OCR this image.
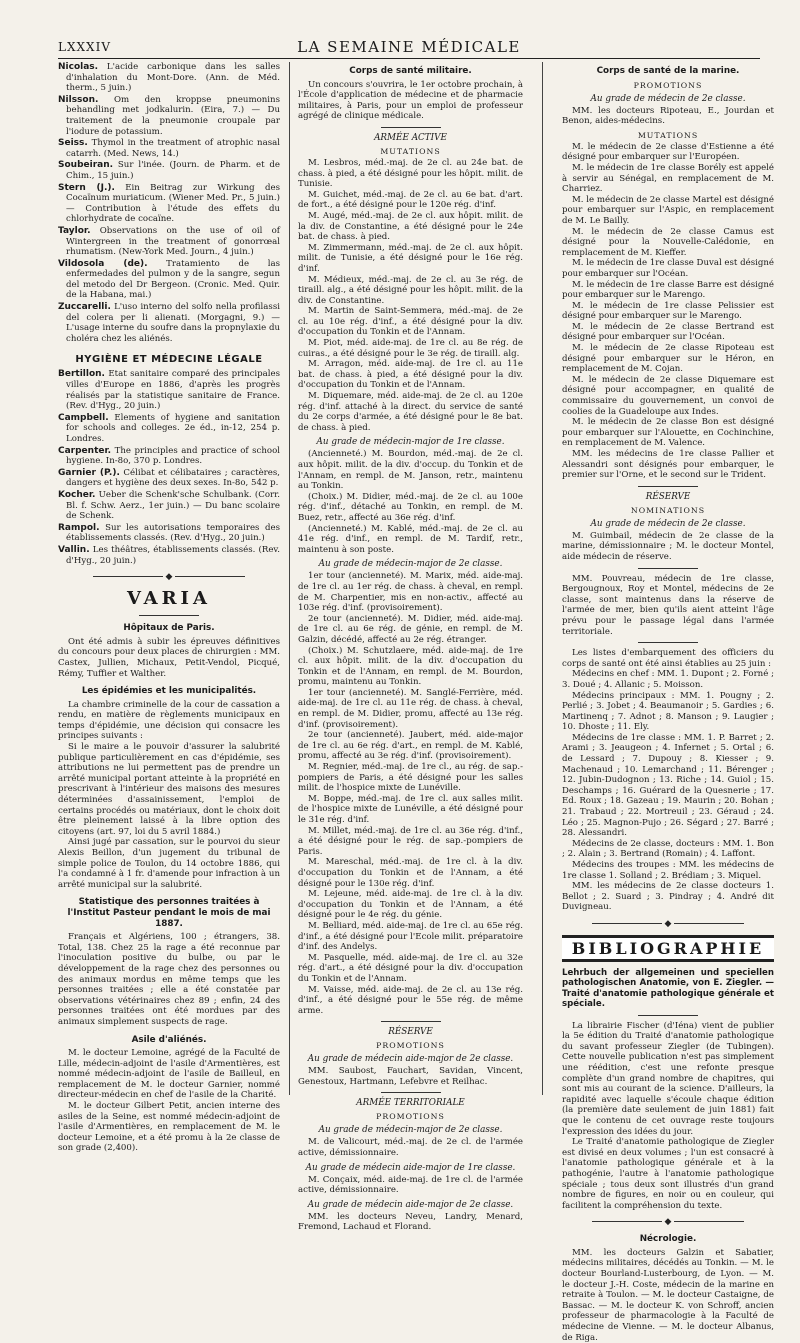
LXXXIV	LA SEMAINE MÉDICALE

Nicolas. L'acide carbonique dans les salles d'inhalation du Mont-Dore. (Ann. de Méd. therm., 5 juin.)

Nilsson. Om den kroppse pneumonins behandling met jodkalurin. (Eira, 7.) — Du traitement de la pneumonie croupale par l'iodure de potassium.

Seiss. Thymol in the treatment of atrophic nasal catarrh. (Med. News, 14.)

Soubeiran. Sur l'inée. (Journ. de Pharm. et de Chim., 15 juin.)

Stern (J.). Ein Beitrag zur Wirkung des Cocaïnum muriaticum. (Wiener Med. Pr., 5 juin.) — Contribution à l'étude des effets du chlorhydrate de cocaïne.

Taylor. Observations on the use of oil of Wintergreen in the treatment of gonorrœal rhumatism. (New-York Med. Journ., 4 juin.)

Vildosola (de). Tratamiento de las enfermedades del pulmon y de la sangre, segun del metodo del Dr Bergeon. (Cronic. Med. Quir. de la Habana, mai.)

Zuccarelli. L'uso interno del solfo nella profilassi del colera per li alienati. (Morgagni, 9.) — L'usage interne du soufre dans la propnylaxie du choléra chez les aliénés.

HYGIÈNE ET MÉDECINE LÉGALE

Bertillon. Etat sanitaire comparé des principales villes d'Europe en 1886, d'après les progrès réalisés par la statistique sanitaire de France. (Rev. d'Hyg., 20 juin.)

Campbell. Elements of hygiene and sanitation for schools and colleges. 2e éd., in-12, 254 p. Londres.

Carpenter. The principles and practice of school hygiene. In-8o, 370 p. Londres.

Garnier (P.). Célibat et célibataires ; caractères, dangers et hygiène des deux sexes. In-8o, 542 p.

Kocher. Ueber die Schenk'sche Schulbank. (Corr. Bl. f. Schw. Aerz., 1er juin.) — Du banc scolaire de Schenk.

Rampol. Sur les autorisations temporaires des établissements classés. (Rev. d'Hyg., 20 juin.)

Vallin. Les théâtres, établissements classés. (Rev. d'Hyg., 20 juin.)

◆
VARIA
Hôpitaux de Paris.

Ont été admis à subir les épreuves définitives du concours pour deux places de chirurgien : MM. Castex, Jullien, Michaux, Petit-Vendol, Picqué, Rémy, Tuffier et Walther.

Les épidémies et les municipalités.

La chambre criminelle de la cour de cassation a rendu, en matière de règlements municipaux en temps d'épidémie, une décision qui consacre les principes suivants :

Si le maire a le pouvoir d'assurer la salubrité publique particulièrement en cas d'épidémie, ses attributions ne lui permettent pas de prendre un arrêté municipal portant atteinte à la propriété en prescrivant à l'intérieur des maisons des mesures déterminées d'assainissement, l'emploi de certains procédés ou matériaux, dont le choix doit être pleinement laissé à la libre option des citoyens (art. 97, loi du 5 avril 1884.)

Ainsi jugé par cassation, sur le pourvoi du sieur Alexis Beillon, d'un jugement du tribunal de simple police de Toulon, du 14 octobre 1886, qui l'a condamné à 1 fr. d'amende pour infraction à un arrêté municipal sur la salubrité.

Statistique des personnes traitées à l'Institut Pasteur pendant le mois de mai 1887.

Français et Algériens, 100 ; étrangers, 38. Total, 138. Chez 25 la rage a été reconnue par l'inoculation positive du bulbe, ou par le développement de la rage chez des personnes ou des animaux mordus en même temps que les personnes traitées ; elle a été constatée par observations vétérinaires chez 89 ; enfin, 24 des personnes traitées ont été mordues par des animaux simplement suspects de rage.

Asile d'aliénés.

M. le docteur Lemoine, agrégé de la Faculté de Lille, médecin-adjoint de l'asile d'Armentières, est nommé médecin-adjoint de l'asile de Bailleul, en remplacement de M. le docteur Garnier, nommé directeur-médecin en chef de l'asile de la Charité.

M. le docteur Gilbert Petit, ancien interne des asiles de la Seine, est nommé médecin-adjoint de l'asile d'Armentières, en remplacement de M. le docteur Lemoine, et a été promu à la 2e classe de son grade (2,400).

Corps de santé militaire.

Un concours s'ouvrira, le 1er octobre prochain, à l'École d'application de médecine et de pharmacie militaires, à Paris, pour un emploi de professeur agrégé de clinique médicale.

ARMÉE ACTIVE
MUTATIONS

M. Lesbros, méd.-maj. de 2e cl. au 24e bat. de chass. à pied, a été désigné pour les hôpit. milit. de Tunisie.

M. Guichet, méd.-maj. de 2e cl. au 6e bat. d'art. de fort., a été désigné pour le 120e rég. d'inf.

M. Augé, méd.-maj. de 2e cl. aux hôpit. milit. de la div. de Constantine, a été désigné pour le 24e bat. de chass. à pied.

M. Zimmermann, méd.-maj. de 2e cl. aux hôpit. milit. de Tunisie, a été désigné pour le 16e rég. d'inf.

M. Médieux, méd.-maj. de 2e cl. au 3e rég. de tiraill. alg., a été désigné pour les hôpit. milit. de la div. de Constantine.

M. Martin de Saint-Semmera, méd.-maj. de 2e cl. au 10e rég. d'inf., a été désigné pour la div. d'occupation du Tonkin et de l'Annam.

M. Piot, méd. aide-maj. de 1re cl. au 8e rég. de cuiras., a été désigné pour le 3e rég. de tiraill. alg.

M. Arragon, méd. aide-maj. de 1re cl. au 11e bat. de chass. à pied, a été désigné pour la div. d'occupation du Tonkin et de l'Annam.

M. Diquemare, méd. aide-maj. de 2e cl. au 120e rég. d'inf. attaché à la direct. du service de santé du 2e corps d'armée, a été désigné pour le 8e bat. de chass. à pied.

Au grade de médecin-major de 1re classe.

(Ancienneté.) M. Bourdon, méd.-maj. de 2e cl. aux hôpit. milit. de la div. d'occup. du Tonkin et de l'Annam, en rempl. de M. Janson, retr., maintenu au Tonkin.

(Choix.) M. Didier, méd.-maj. de 2e cl. au 100e rég. d'inf., détaché au Tonkin, en rempl. de M. Buez, retr., affecté au 36e rég. d'inf.

(Ancienneté.) M. Kablé, méd.-maj. de 2e cl. au 41e rég. d'inf., en rempl. de M. Tardif, retr., maintenu à son poste.

Au grade de médecin-major de 2e classe.

1er tour (ancienneté). M. Marix, méd. aide-maj. de 1re cl. au 1er rég. de chass. à cheval, en rempl. de M. Charpentier, mis en non-activ., affecté au 103e rég. d'inf. (provisoirement).

2e tour (ancienneté). M. Didier, méd. aide-maj. de 1re cl. au 6e rég. de génie, en rempl. de M. Galzin, décédé, affecté au 2e rég. étranger.

(Choix.) M. Schutzlaere, méd. aide-maj. de 1re cl. aux hôpit. milit. de la div. d'occupation du Tonkin et de l'Annam, en rempl. de M. Bourdon, promu, maintenu au Tonkin.

1er tour (ancienneté). M. Sanglé-Ferrière, méd. aide-maj. de 1re cl. au 11e rég. de chass. à cheval, en rempl. de M. Didier, promu, affecté au 13e rég. d'inf. (provisoirement).

2e tour (ancienneté). Jaubert, méd. aide-major de 1re cl. au 6e rég. d'art., en rempl. de M. Kablé, promu, affecté au 3e rég. d'inf. (provisoirement).

M. Regnier, méd.-maj. de 1re cl., au rég. de sap.-pompiers de Paris, a été désigné pour les salles milit. de l'hospice mixte de Lunéville.

M. Boppe, méd.-maj. de 1re cl. aux salles milit. de l'hospice mixte de Lunéville, a été désigné pour le 31e rég. d'inf.

M. Millet, méd.-maj. de 1re cl. au 36e rég. d'inf., a été désigné pour le rég. de sap.-pompiers de Paris.

M. Mareschal, méd.-maj. de 1re cl. à la div. d'occupation du Tonkin et de l'Annam, a été désigné pour le 130e rég. d'inf.

M. Lejeune, méd. aide-maj. de 1re cl. à la div. d'occupation du Tonkin et de l'Annam, a été désigné pour le 4e rég. du génie.

M. Belliard, méd. aide-maj. de 1re cl. au 65e rég. d'inf., a été désigné pour l'Ecole milit. préparatoire d'inf. des Andelys.

M. Pasquelle, méd. aide-maj. de 1re cl. au 32e rég. d'art., a été désigné pour la div. d'occupation du Tonkin et de l'Annam.

M. Vaisse, méd. aide-maj. de 2e cl. au 13e rég. d'inf., a été désigné pour le 55e rég. de même arme.

RÉSERVE
PROMOTIONS
Au grade de médecin aide-major de 2e classe.

MM. Saubost, Fauchart, Savidan, Vincent, Genestoux, Hartmann, Lefebvre et Reilhac.

ARMÉE TERRITORIALE
PROMOTIONS
Au grade de médecin-major de 2e classe.

M. de Valicourt, méd.-maj. de 2e cl. de l'armée active, démissionnaire.

Au grade de médecin aide-major de 1re classe.

M. Conçaix, méd. aide-maj. de 1re cl. de l'armée active, démissionnaire.

Au grade de médecin aide-major de 2e classe.

MM. les docteurs Neveu, Landry, Menard, Fremond, Lachaud et Florand.

Corps de santé de la marine.
PROMOTIONS
Au grade de médecin de 2e classe.

MM. les docteurs Ripoteau, E., Jourdan et Benon, aides-médecins.

MUTATIONS

M. le médecin de 2e classe d'Estienne a été désigné pour embarquer sur l'Européen.

M. le médecin de 1re classe Borély est appelé à servir au Sénégal, en remplacement de M. Charriez.

M. le médecin de 2e classe Martel est désigné pour embarquer sur l'Aspic, en remplacement de M. Le Bailly.

M. le médecin de 2e classe Camus est désigné pour la Nouvelle-Calédonie, en remplacement de M. Kieffer.

M. le médecin de 1re classe Duval est désigné pour embarquer sur l'Océan.

M. le médecin de 1re classe Barre est désigné pour embarquer sur le Marengo.

M. le médecin de 1re classe Pelissier est désigné pour embarquer sur le Marengo.

M. le médecin de 2e classe Bertrand est désigné pour embarquer sur l'Océan.

M. le médecin de 2e classe Ripoteau est désigné pour embarquer sur le Héron, en remplacement de M. Cojan.

M. le médecin de 2e classe Diquemare est désigné pour accompagner, en qualité de commissaire du gouvernement, un convoi de coolies de la Guadeloupe aux Indes.

M. le médecin de 2e classe Bon est désigné pour embarquer sur l'Alouette, en Cochinchine, en remplacement de M. Valence.

MM. les médecins de 1re classe Pallier et Alessandri sont désignés pour embarquer, le premier sur l'Orne, et le second sur le Trident.

RÉSERVE
NOMINATIONS
Au grade de médecin de 2e classe.

M. Guimbail, médecin de 2e classe de la marine, démissionnaire ; M. le docteur Montel, aide médecin de réserve.

MM. Pouvreau, médecin de 1re classe, Bergougnoux, Roy et Montel, médecins de 2e classe, sont maintenus dans la réserve de l'armée de mer, bien qu'ils aient atteint l'âge prévu pour le passage légal dans l'armée territoriale.

Les listes d'embarquement des officiers du corps de santé ont été ainsi établies au 25 juin :

Médecins en chef : MM. 1. Dupont ; 2. Forné ; 3. Doué ; 4. Allanic ; 5. Moisson.

Médecins principaux : MM. 1. Pougny ; 2. Perlié ; 3. Jobet ; 4. Beaumanoir ; 5. Gardies ; 6. Martinenq ; 7. Adnot ; 8. Manson ; 9. Laugier ; 10. Dhoste ; 11. Ely.

Médecins de 1re classe : MM. 1. P. Barret ; 2. Arami ; 3. Jeaugeon ; 4. Infernet ; 5. Ortal ; 6. de Lessard ; 7. Dupouy ; 8. Kiesser ; 9. Machenaud ; 10. Lemarchand ; 11. Bérenger ; 12. Jubin-Dudognon ; 13. Riche ; 14. Guiol ; 15. Deschamps ; 16. Guérard de la Quesnerie ; 17. Ed. Roux ; 18. Gazeau ; 19. Maurin ; 20. Bohan ; 21. Trabaud ; 22. Mortreuil ; 23. Géraud ; 24. Léo ; 25. Magnon-Pujo ; 26. Ségard ; 27. Barré ; 28. Alessandri.

Médecins de 2e classe, docteurs : MM. 1. Bon ; 2. Alain ; 3. Bertrand (Romain) ; 4. Laffont.

Médecins des troupes : MM. les médecins de 1re classe 1. Solland ; 2. Brédiam ; 3. Miquel.

MM. les médecins de 2e classe docteurs 1. Bellot ; 2. Suard ; 3. Pindray ; 4. André dit Duvigneau.

◆
BIBLIOGRAPHIE

Lehrbuch der allgemeinen und speciellen pathologischen Anatomie, von E. Ziegler. — Traité d'anatomie pathologique générale et spéciale.

La librairie Fischer (d'Iéna) vient de publier la 5e édition du Traité d'anatomie pathologique du savant professeur Ziegler (de Tubingen). Cette nouvelle publication n'est pas simplement une réédition, c'est une refonte presque complète d'un grand nombre de chapitres, qui sont mis au courant de la science. D'ailleurs, la rapidité avec laquelle s'écoule chaque édition (la première date seulement de juin 1881) fait que le contenu de cet ouvrage reste toujours l'expression des idées du jour.

Le Traité d'anatomie pathologique de Ziegler est divisé en deux volumes ; l'un est consacré à l'anatomie pathologique générale et à la pathogénie, l'autre à l'anatomie pathologique spéciale ; tous deux sont illustrés d'un grand nombre de figures, en noir ou en couleur, qui facilitent la compréhension du texte.

◆
Nécrologie.

MM. les docteurs Galzin et Sabatier, médecins militaires, décédés au Tonkin. — M. le docteur Bourland-Lusterbourg, de Lyon. — M. le docteur J.-H. Coste, médecin de la marine en retraite à Toulon. — M. le docteur Castaigne, de Bassac. — M. le docteur K. von Schroff, ancien professeur de pharmacologie à la Faculté de médecine de Vienne. — M. le docteur Albanus, de Riga.
